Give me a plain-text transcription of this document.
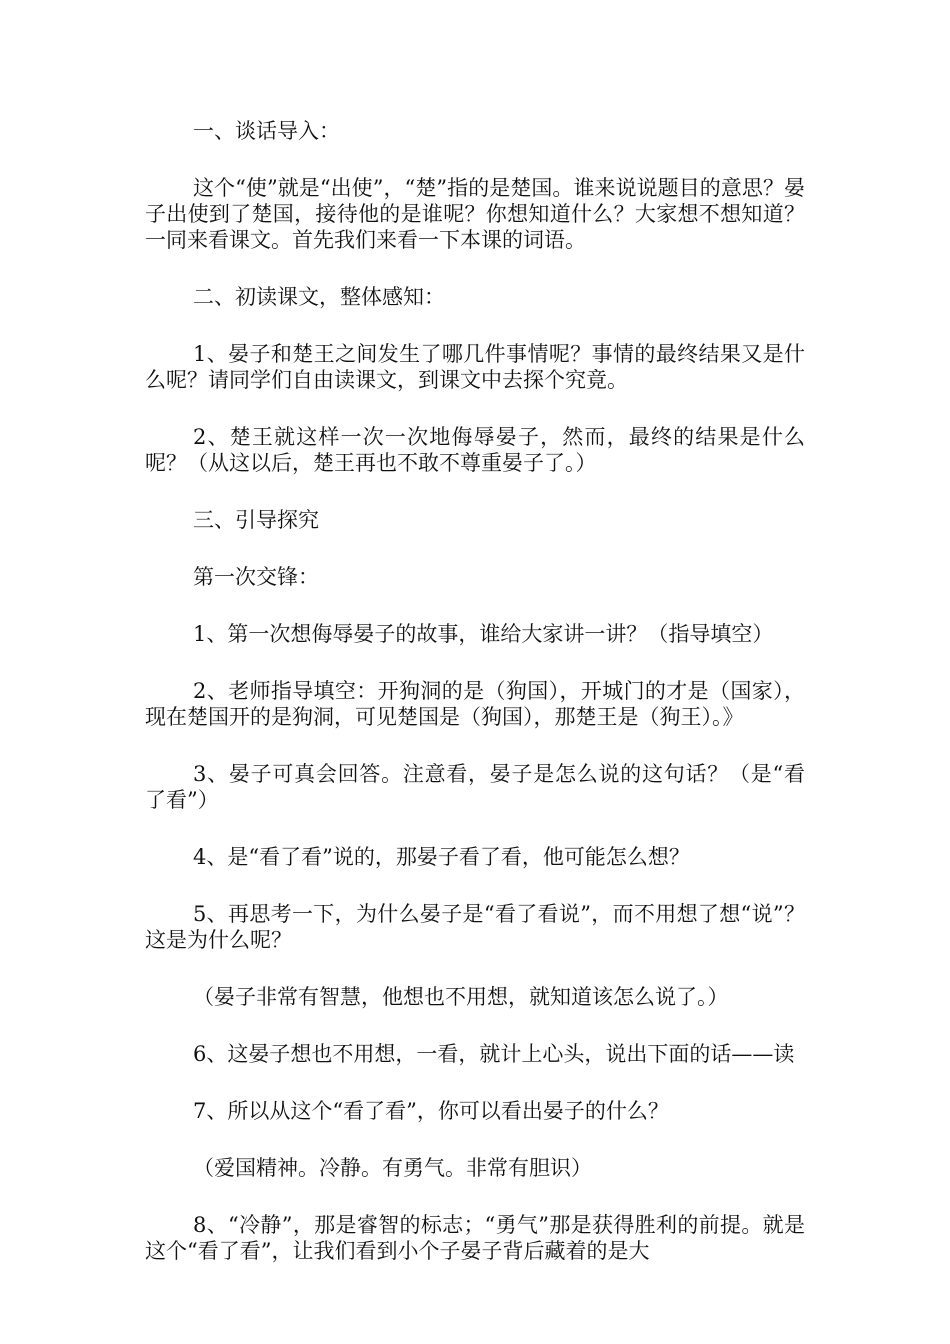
一、谈话导入：

这个“使”就是“出使”，“楚”指的是楚国。谁来说说题目的意思？晏子出使到了楚国，接待他的是谁呢？你想知道什么？大家想不想知道？一同来看课文。首先我们来看一下本课的词语。

二、初读课文，整体感知：

1、晏子和楚王之间发生了哪几件事情呢？事情的最终结果又是什么呢？请同学们自由读课文，到课文中去探个究竟。

2、楚王就这样一次一次地侮辱晏子，然而，最终的结果是什么呢？（从这以后，楚王再也不敢不尊重晏子了。）

三、引导探究

第一次交锋：

1、第一次想侮辱晏子的故事，谁给大家讲一讲？（指导填空）

2、老师指导填空：开狗洞的是（狗国），开城门的才是（国家），现在楚国开的是狗洞，可见楚国是（狗国），那楚王是（狗王）。》

3、晏子可真会回答。注意看，晏子是怎么说的这句话？（是“看了看”）

4、是“看了看”说的，那晏子看了看，他可能怎么想？

5、再思考一下，为什么晏子是“看了看说”，而不用想了想“说”？这是为什么呢？

（晏子非常有智慧，他想也不用想，就知道该怎么说了。）

6、这晏子想也不用想，一看，就计上心头，说出下面的话——读

7、所以从这个“看了看”，你可以看出晏子的什么？

（爱国精神。冷静。有勇气。非常有胆识）

8、“冷静”，那是睿智的标志；“勇气”那是获得胜利的前提。就是这个“看了看”，让我们看到小个子晏子背后藏着的是大
